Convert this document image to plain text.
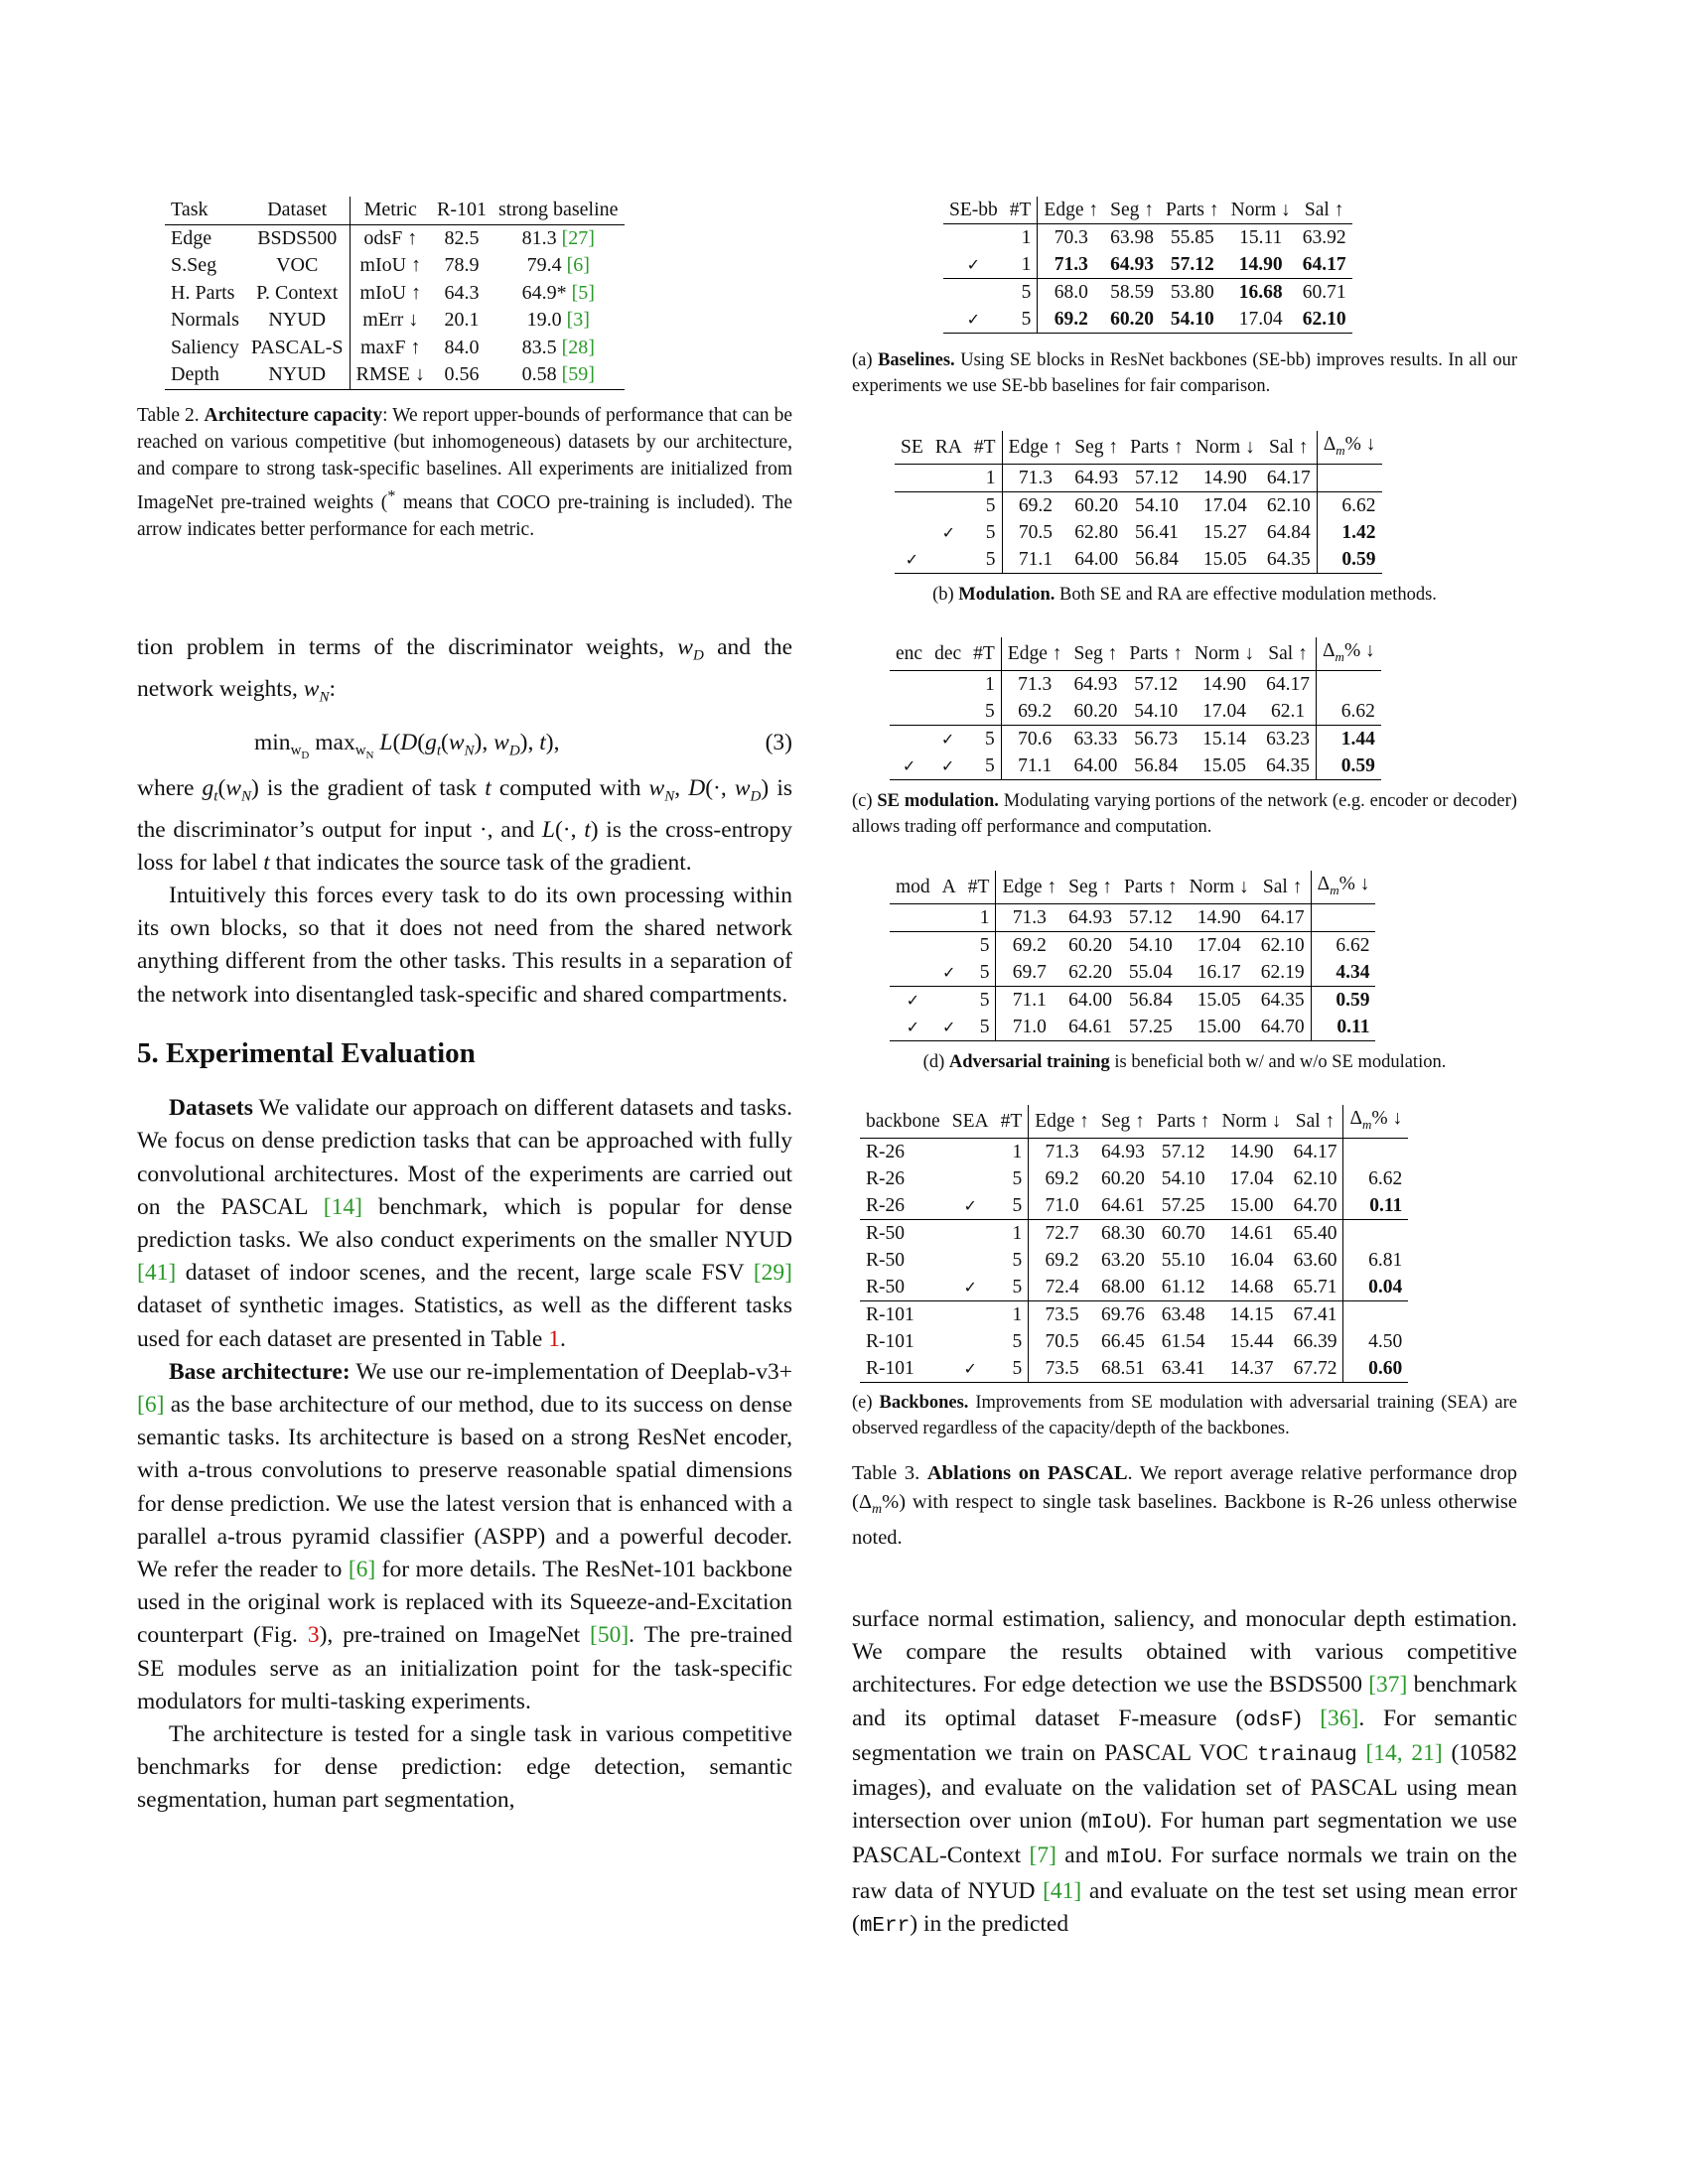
Task	Dataset	Metric	R-101	strong baseline
Edge	BSDS500	odsF ↑	82.5	81.3 [27]
S.Seg	VOC	mIoU ↑	78.9	79.4 [6]
H. Parts	P. Context	mIoU ↑	64.3	64.9* [5]
Normals	NYUD	mErr ↓	20.1	19.0 [3]
Saliency	PASCAL-S	maxF ↑	84.0	83.5 [28]
Depth	NYUD	RMSE ↓	0.56	0.58 [59]
Table 2. Architecture capacity: We report upper-bounds of performance that can be reached on various competitive (but inhomogeneous) datasets by our architecture, and compare to strong task-specific baselines. All experiments are initialized from ImageNet pre-trained weights (* means that COCO pre-training is included). The arrow indicates better performance for each metric.

tion problem in terms of the discriminator weights, $w_D$ and the network weights, $w_N$:

$\min_{w_D} \max_{w_N} L(D(g_t(w_N)$, $w_D$), t),	(3)

where $g_t(w_N)$ is the gradient of task t computed with $w_N$, D(·, $w_D$) is the discriminator’s output for input ·, and L(·, t) is the cross-entropy loss for label t that indicates the source task of the gradient.

Intuitively this forces every task to do its own processing within its own blocks, so that it does not need from the shared network anything different from the other tasks. This results in a separation of the network into disentangled task-specific and shared compartments.

5. Experimental Evaluation

Datasets We validate our approach on different datasets and tasks. We focus on dense prediction tasks that can be approached with fully convolutional architectures. Most of the experiments are carried out on the PASCAL [14] benchmark, which is popular for dense prediction tasks. We also conduct experiments on the smaller NYUD [41] dataset of indoor scenes, and the recent, large scale FSV [29] dataset of synthetic images. Statistics, as well as the different tasks used for each dataset are presented in Table 1.

Base architecture: We use our re-implementation of Deeplab-v3+ [6] as the base architecture of our method, due to its success on dense semantic tasks. Its architecture is based on a strong ResNet encoder, with a-trous convolutions to preserve reasonable spatial dimensions for dense prediction. We use the latest version that is enhanced with a parallel a-trous pyramid classifier (ASPP) and a powerful decoder. We refer the reader to [6] for more details. The ResNet-101 backbone used in the original work is replaced with its Squeeze-and-Excitation counterpart (Fig. 3), pre-trained on ImageNet [50]. The pre-trained SE modules serve as an initialization point for the task-specific modulators for multi-tasking experiments.

The architecture is tested for a single task in various competitive benchmarks for dense prediction: edge detection, semantic segmentation, human part segmentation,

SE-bb	#T	Edge ↑	Seg ↑	Parts ↑	Norm ↓	Sal ↑
	1	70.3	63.98	55.85	15.11	63.92
✓	1	71.3	64.93	57.12	14.90	64.17
	5	68.0	58.59	53.80	16.68	60.71
✓	5	69.2	60.20	54.10	17.04	62.10
(a) Baselines. Using SE blocks in ResNet backbones (SE-bb) improves results. In all our experiments we use SE-bb baselines for fair comparison.
SE	RA	#T	Edge ↑	Seg ↑	Parts ↑	Norm ↓	Sal ↑	$\Delta_m\%$ ↓
		1	71.3	64.93	57.12	14.90	64.17	
		5	69.2	60.20	54.10	17.04	62.10	6.62
	✓	5	70.5	62.80	56.41	15.27	64.84	1.42
✓		5	71.1	64.00	56.84	15.05	64.35	0.59
(b) Modulation. Both SE and RA are effective modulation methods.
enc	dec	#T	Edge ↑	Seg ↑	Parts ↑	Norm ↓	Sal ↑	$\Delta_m\%$ ↓
		1	71.3	64.93	57.12	14.90	64.17	
		5	69.2	60.20	54.10	17.04	62.1	6.62
	✓	5	70.6	63.33	56.73	15.14	63.23	1.44
✓	✓	5	71.1	64.00	56.84	15.05	64.35	0.59
(c) SE modulation. Modulating varying portions of the network (e.g. encoder or decoder) allows trading off performance and computation.
mod	A	#T	Edge ↑	Seg ↑	Parts ↑	Norm ↓	Sal ↑	$\Delta_m\%$ ↓
		1	71.3	64.93	57.12	14.90	64.17	
		5	69.2	60.20	54.10	17.04	62.10	6.62
	✓	5	69.7	62.20	55.04	16.17	62.19	4.34
✓		5	71.1	64.00	56.84	15.05	64.35	0.59
✓	✓	5	71.0	64.61	57.25	15.00	64.70	0.11
(d) Adversarial training is beneficial both w/ and w/o SE modulation.
backbone	SEA	#T	Edge ↑	Seg ↑	Parts ↑	Norm ↓	Sal ↑	$\Delta_m\%$ ↓
R-26		1	71.3	64.93	57.12	14.90	64.17	
R-26		5	69.2	60.20	54.10	17.04	62.10	6.62
R-26	✓	5	71.0	64.61	57.25	15.00	64.70	0.11
R-50		1	72.7	68.30	60.70	14.61	65.40	
R-50		5	69.2	63.20	55.10	16.04	63.60	6.81
R-50	✓	5	72.4	68.00	61.12	14.68	65.71	0.04
R-101		1	73.5	69.76	63.48	14.15	67.41	
R-101		5	70.5	66.45	61.54	15.44	66.39	4.50
R-101	✓	5	73.5	68.51	63.41	14.37	67.72	0.60
(e) Backbones. Improvements from SE modulation with adversarial training (SEA) are observed regardless of the capacity/depth of the backbones.
Table 3. Ablations on PASCAL. We report average relative performance drop $(\Delta_m\%)$ with respect to single task baselines. Backbone is R-26 unless otherwise noted.

surface normal estimation, saliency, and monocular depth estimation. We compare the results obtained with various competitive architectures. For edge detection we use the BSDS500 [37] benchmark and its optimal dataset F-measure (odsF) [36]. For semantic segmentation we train on PASCAL VOC trainaug [14, 21] (10582 images), and evaluate on the validation set of PASCAL using mean intersection over union (mIoU). For human part segmentation we use PASCAL-Context [7] and mIoU. For surface normals we train on the raw data of NYUD [41] and evaluate on the test set using mean error (mErr) in the predicted
